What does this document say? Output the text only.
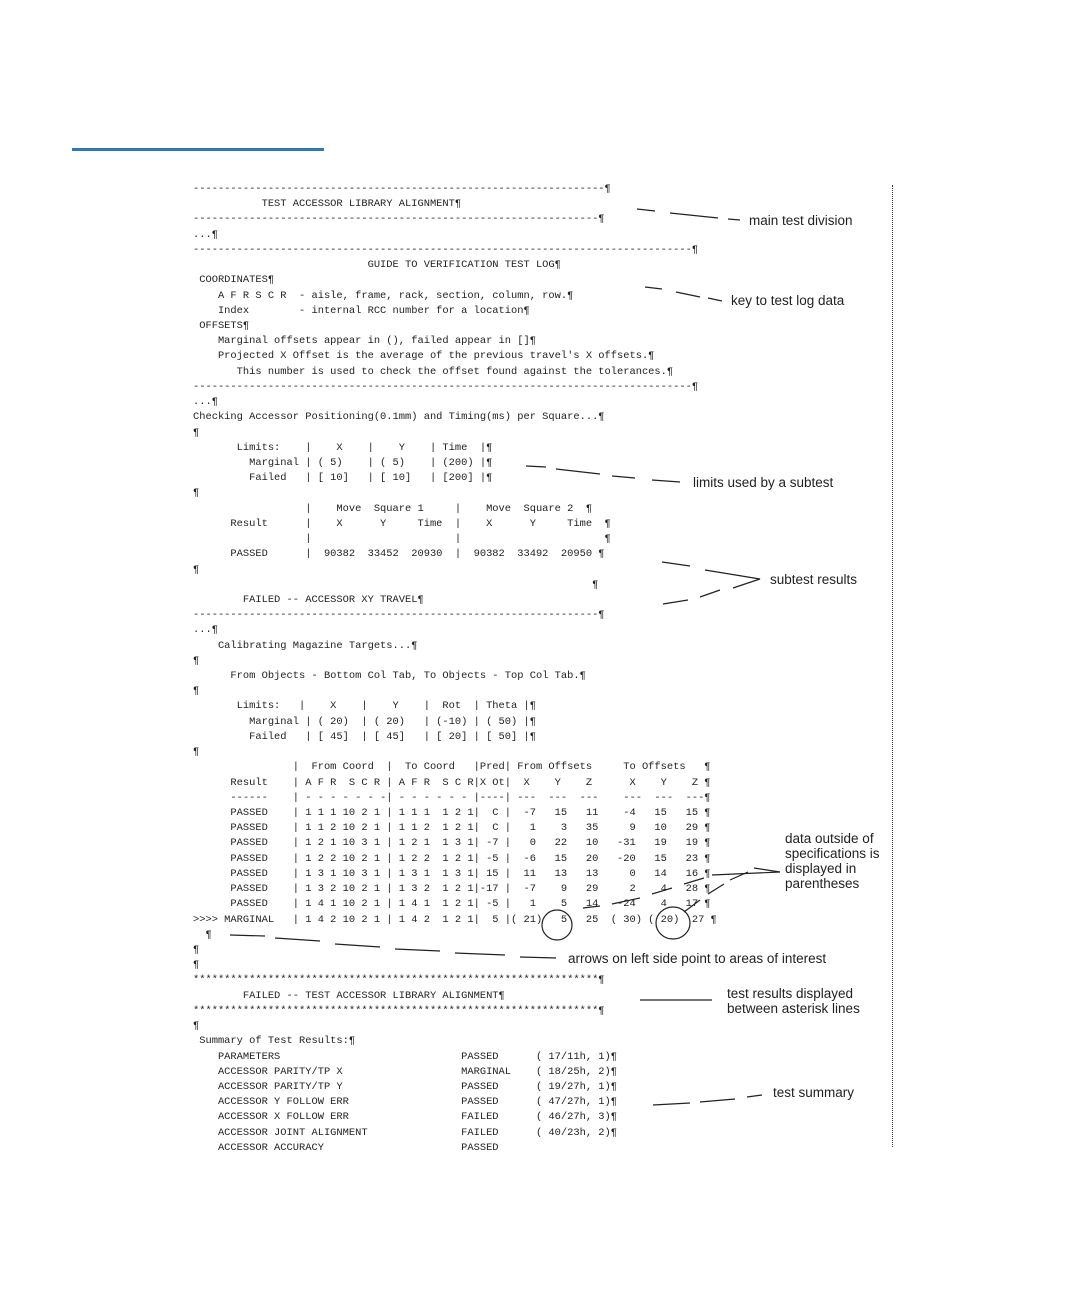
------------------------------------------------------------------¶
TEST ACCESSOR LIBRARY ALIGNMENT¶
-----------------------------------------------------------------¶
...¶
--------------------------------------------------------------------------------¶
GUIDE TO VERIFICATION TEST LOG¶
COORDINATES¶
A F R S C R  - aisle, frame, rack, section, column, row.¶
Index        - internal RCC number for a location¶
OFFSETS¶
Marginal offsets appear in (), failed appear in []¶
Projected X Offset is the average of the previous travel's X offsets.¶
This number is used to check the offset found against the tolerances.¶
--------------------------------------------------------------------------------¶
...¶
Checking Accessor Positioning(0.1mm) and Timing(ms) per Square...¶
¶
Limits:    |    X    |    Y    | Time  |¶
Marginal | ( 5)    | ( 5)    | (200) |¶
Failed   | [ 10]   | [ 10]   | [200] |¶
¶
|    Move  Square 1     |    Move  Square 2  ¶
Result      |    X      Y     Time  |    X      Y     Time  ¶
|                       |                       ¶
PASSED      |  90382  33452  20930  |  90382  33492  20950 ¶
¶
¶
FAILED -- ACCESSOR XY TRAVEL¶
-----------------------------------------------------------------¶
...¶
Calibrating Magazine Targets...¶
¶
From Objects - Bottom Col Tab, To Objects - Top Col Tab.¶
¶
Limits:   |    X    |    Y    |  Rot  | Theta |¶
Marginal | ( 20)  | ( 20)   | (-10) | ( 50) |¶
Failed   | [ 45]  | [ 45]   | [ 20] | [ 50] |¶
¶
|  From Coord  |  To Coord   |Pred| From Offsets     To Offsets   ¶
Result    | A F R  S C R | A F R  S C R|X Ot|  X    Y    Z      X    Y    Z ¶
------    | - - - - - - -| - - - - - - |----| ---  ---  ---    ---  ---  ---¶
PASSED    | 1 1 1 10 2 1 | 1 1 1  1 2 1|  C |  -7   15   11    -4   15   15 ¶
PASSED    | 1 1 2 10 2 1 | 1 1 2  1 2 1|  C |   1    3   35     9   10   29 ¶
PASSED    | 1 2 1 10 3 1 | 1 2 1  1 3 1| -7 |   0   22   10   -31   19   19 ¶
PASSED    | 1 2 2 10 2 1 | 1 2 2  1 2 1| -5 |  -6   15   20   -20   15   23 ¶
PASSED    | 1 3 1 10 3 1 | 1 3 1  1 3 1| 15 |  11   13   13     0   14   16 ¶
PASSED    | 1 3 2 10 2 1 | 1 3 2  1 2 1|-17 |  -7    9   29     2    4   28 ¶
PASSED    | 1 4 1 10 2 1 | 1 4 1  1 2 1| -5 |   1    5   14   -24    4   17 ¶
>>>> MARGINAL   | 1 4 2 10 2 1 | 1 4 2  1 2 1|  5 |( 21)   5   25  ( 30) ( 20)  27 ¶
¶
¶
¶
*****************************************************************¶
FAILED -- TEST ACCESSOR LIBRARY ALIGNMENT¶
*****************************************************************¶
¶
Summary of Test Results:¶
PARAMETERS                             PASSED      ( 17/11h, 1)¶
ACCESSOR PARITY/TP X                   MARGINAL    ( 18/25h, 2)¶
ACCESSOR PARITY/TP Y                   PASSED      ( 19/27h, 1)¶
ACCESSOR Y FOLLOW ERR                  PASSED      ( 47/27h, 1)¶
ACCESSOR X FOLLOW ERR                  FAILED      ( 46/27h, 3)¶
ACCESSOR JOINT ALIGNMENT               FAILED      ( 40/23h, 2)¶
ACCESSOR ACCURACY                      PASSED
main test division
key to test log data
limits used by a subtest
subtest results
data outside of
specifications is
displayed in
parentheses
arrows on left side point to areas of interest
test results displayed
between asterisk lines
test summary
